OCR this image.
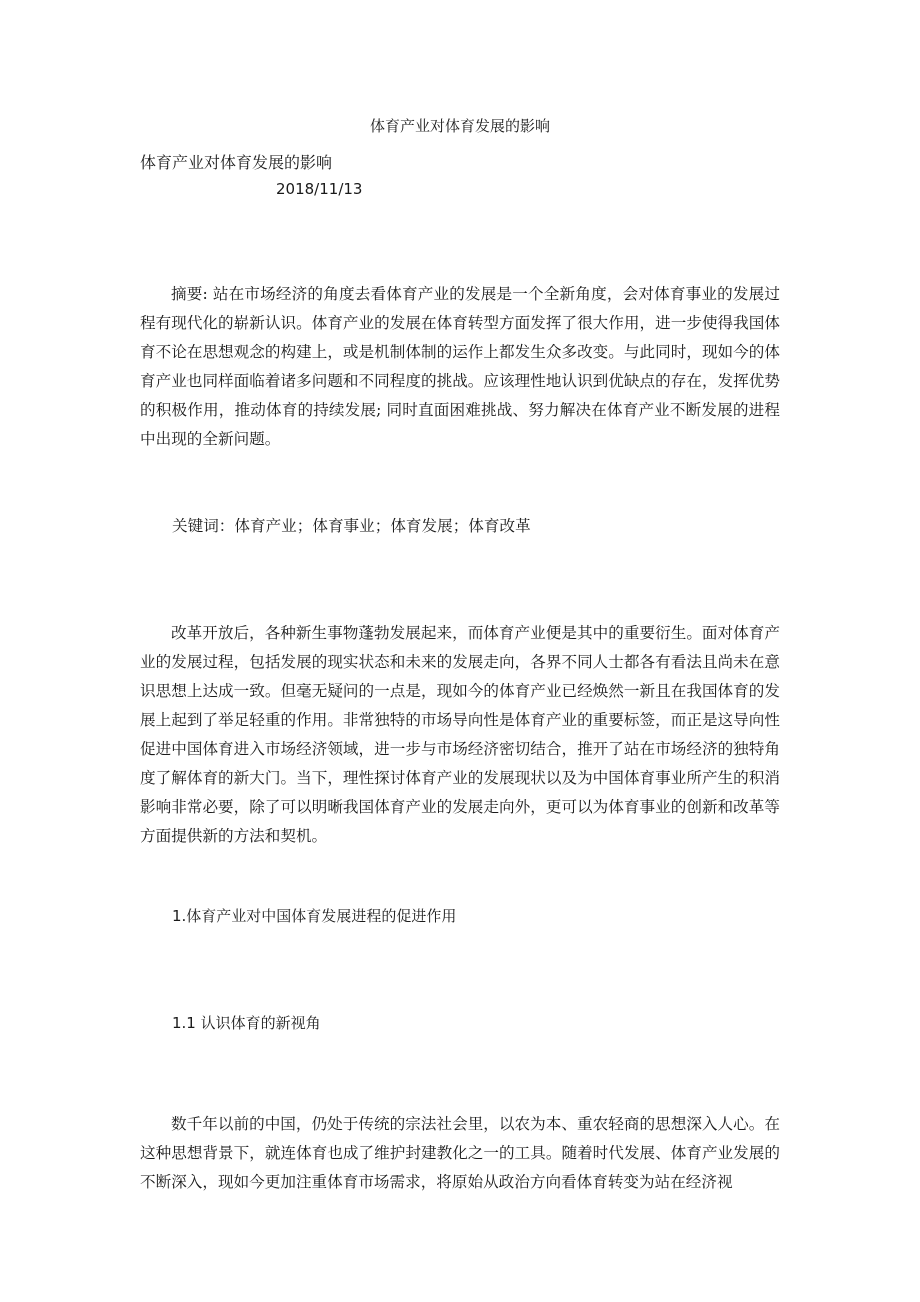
体育产业对体育发展的影响
体育产业对体育发展的影响
2018/11/13

摘要: 站在市场经济的角度去看体育产业的发展是一个全新角度，会对体育事业的发展过程有现代化的崭新认识。体育产业的发展在体育转型方面发挥了很大作用，进一步使得我国体育不论在思想观念的构建上，或是机制体制的运作上都发生众多改变。与此同时，现如今的体育产业也同样面临着诸多问题和不同程度的挑战。应该理性地认识到优缺点的存在，发挥优势的积极作用，推动体育的持续发展; 同时直面困难挑战、努力解决在体育产业不断发展的进程中出现的全新问题。

关键词：体育产业；体育事业；体育发展；体育改革

改革开放后，各种新生事物蓬勃发展起来，而体育产业便是其中的重要衍生。面对体育产业的发展过程，包括发展的现实状态和未来的发展走向，各界不同人士都各有看法且尚未在意识思想上达成一致。但毫无疑问的一点是，现如今的体育产业已经焕然一新且在我国体育的发展上起到了举足轻重的作用。非常独特的市场导向性是体育产业的重要标签，而正是这导向性促进中国体育进入市场经济领域，进一步与市场经济密切结合，推开了站在市场经济的独特角度了解体育的新大门。当下，理性探讨体育产业的发展现状以及为中国体育事业所产生的积消影响非常必要，除了可以明晰我国体育产业的发展走向外，更可以为体育事业的创新和改革等方面提供新的方法和契机。

1.体育产业对中国体育发展进程的促进作用
1.1 认识体育的新视角

数千年以前的中国，仍处于传统的宗法社会里，以农为本、重农轻商的思想深入人心。在这种思想背景下，就连体育也成了维护封建教化之一的工具。随着时代发展、体育产业发展的不断深入，现如今更加注重体育市场需求，将原始从政治方向看体育转变为站在经济视
